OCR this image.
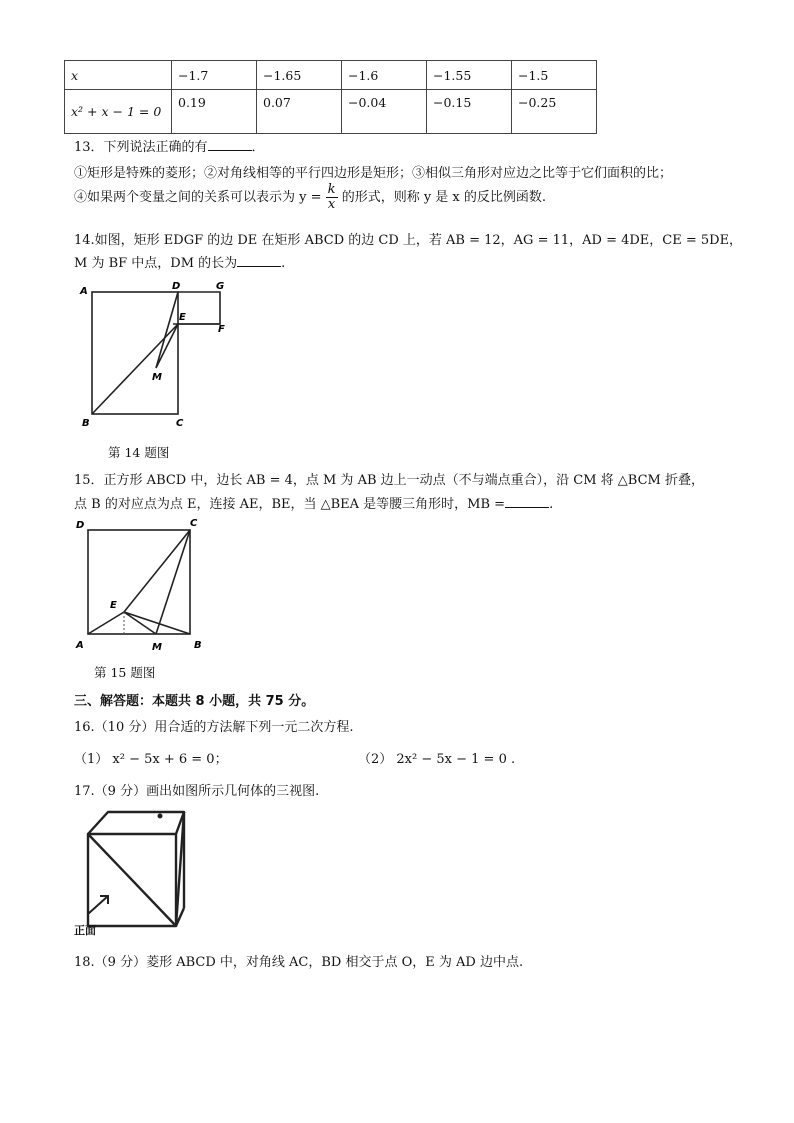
x	−1.7	−1.65	−1.6	−1.55	−1.5
x² + x − 1 = 0	0.19	0.07	−0.04	−0.15	−0.25
13．下列说法正确的有	．
①矩形是特殊的菱形；②对角线相等的平行四边形是矩形；③相似三角形对应边之比等于它们面积的比；
④如果两个变量之间的关系可以表示为 $y = \frac{k}{x}$ 的形式，则称 y 是 x 的反比例函数.
14.如图，矩形 EDGF 的边 DE 在矩形 ABCD 的边 CD 上，若 AB = 12，AG = 11，AD = 4DE，CE = 5DE，
M 为 BF 中点，DM 的长为	.
A	D	G
E
F
M
B	C
第 14 题图
15．正方形 ABCD 中，边长 AB = 4，点 M 为 AB 边上一动点（不与端点重合），沿 CM 将 △BCM 折叠，
点 B 的对应点为点 E，连接 AE，BE，当 △BEA 是等腰三角形时，MB =	.
D	C
E
A	M	B
第 15 题图
三、解答题：本题共 8 小题，共 75 分。
16.（10 分）用合适的方法解下列一元二次方程.
（1） x² − 5x + 6 = 0；	（2） 2x² − 5x − 1 = 0 .
17.（9 分）画出如图所示几何体的三视图.
正面
18.（9 分）菱形 ABCD 中，对角线 AC，BD 相交于点 O，E 为 AD 边中点.
